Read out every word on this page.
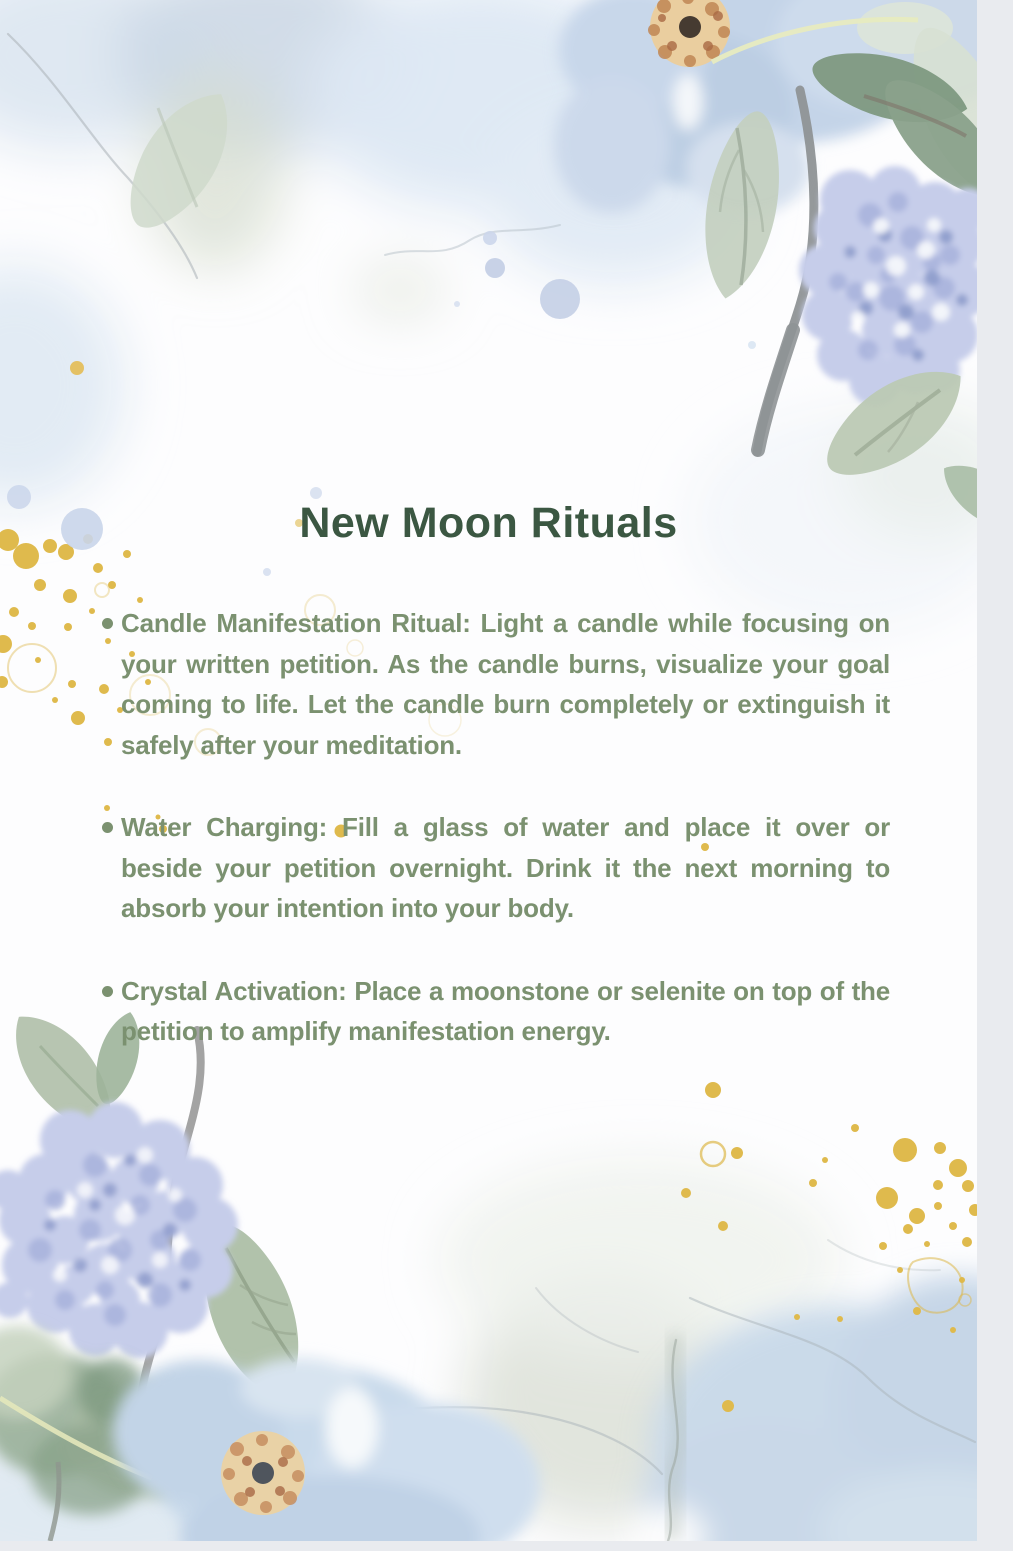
New Moon Rituals
Candle Manifestation Ritual: Light a candle while focusing on your written petition. As the candle burns, visualize your goal coming to life. Let the candle burn completely or extinguish it safely after your meditation.
Water Charging: Fill a glass of water and place it over or beside your petition overnight. Drink it the next morning to absorb your intention into your body.
Crystal Activation: Place a moonstone or selenite on top of the petition to amplify manifestation energy.
